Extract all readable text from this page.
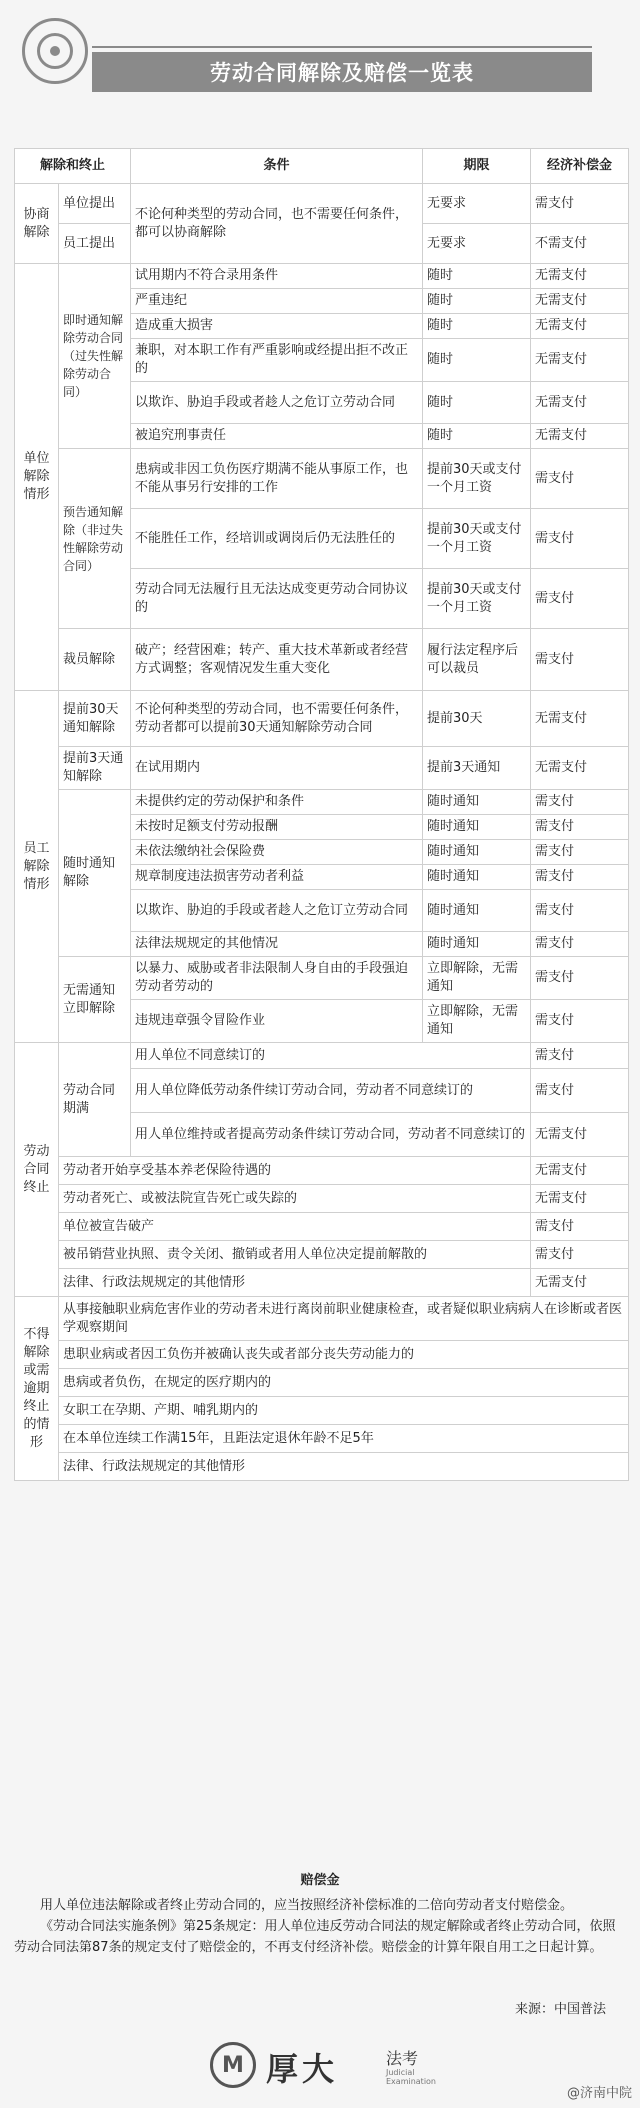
劳动合同解除及赔偿一览表
解除和终止		条件	期限	经济补偿金
协商解除	单位提出	不论何种类型的劳动合同，也不需要任何条件，都可以协商解除	无要求	需支付
	员工提出		无要求	不需支付
单位解除情形	即时通知解除劳动合同（过失性解除劳动合同）	试用期内不符合录用条件	随时	无需支付
		严重违纪	随时	无需支付
		造成重大损害	随时	无需支付
		兼职，对本职工作有严重影响或经提出拒不改正的	随时	无需支付
		以欺诈、胁迫手段或者趁人之危订立劳动合同	随时	无需支付
		被追究刑事责任	随时	无需支付
	预告通知解除（非过失性解除劳动合同）	患病或非因工负伤医疗期满不能从事原工作，也不能从事另行安排的工作	提前30天或支付一个月工资	需支付
		不能胜任工作，经培训或调岗后仍无法胜任的	提前30天或支付一个月工资	需支付
		劳动合同无法履行且无法达成变更劳动合同协议的	提前30天或支付一个月工资	需支付
	裁员解除	破产；经营困难；转产、重大技术革新或者经营方式调整；客观情况发生重大变化	履行法定程序后可以裁员	需支付
员工解除情形	提前30天通知解除	不论何种类型的劳动合同，也不需要任何条件，劳动者都可以提前30天通知解除劳动合同	提前30天	无需支付
	提前3天通知解除	在试用期内	提前3天通知	无需支付
	随时通知解除	未提供约定的劳动保护和条件	随时通知	需支付
		未按时足额支付劳动报酬	随时通知	需支付
		未依法缴纳社会保险费	随时通知	需支付
		规章制度违法损害劳动者利益	随时通知	需支付
		以欺诈、胁迫的手段或者趁人之危订立劳动合同	随时通知	需支付
		法律法规规定的其他情况	随时通知	需支付
	无需通知立即解除	以暴力、威胁或者非法限制人身自由的手段强迫劳动者劳动的	立即解除，无需通知	需支付
		违规违章强令冒险作业	立即解除，无需通知	需支付
劳动合同终止	劳动合同期满	用人单位不同意续订的		需支付
		用人单位降低劳动条件续订劳动合同，劳动者不同意续订的		需支付
		用人单位维持或者提高劳动条件续订劳动合同，劳动者不同意续订的		无需支付
	劳动者开始享受基本养老保险待遇的			无需支付
	劳动者死亡、或被法院宣告死亡或失踪的			无需支付
	单位被宣告破产			需支付
	被吊销营业执照、责令关闭、撤销或者用人单位决定提前解散的			需支付
	法律、行政法规规定的其他情形			无需支付
不得解除或需逾期终止的情形	从事接触职业病危害作业的劳动者未进行离岗前职业健康检查，或者疑似职业病病人在诊断或者医学观察期间			
	患职业病或者因工负伤并被确认丧失或者部分丧失劳动能力的			
	患病或者负伤，在规定的医疗期内的			
	女职工在孕期、产期、哺乳期内的			
	在本单位连续工作满15年，且距法定退休年龄不足5年			
	法律、行政法规规定的其他情形			
赔偿金

用人单位违法解除或者终止劳动合同的，应当按照经济补偿标准的二倍向劳动者支付赔偿金。

《劳动合同法实施条例》第25条规定：用人单位违反劳动合同法的规定解除或者终止劳动合同，依照劳动合同法第87条的规定支付了赔偿金的，不再支付经济补偿。赔偿金的计算年限自用工之日起计算。

来源：中国普法
M 厚大	法考
Judicial Examination
@济南中院
